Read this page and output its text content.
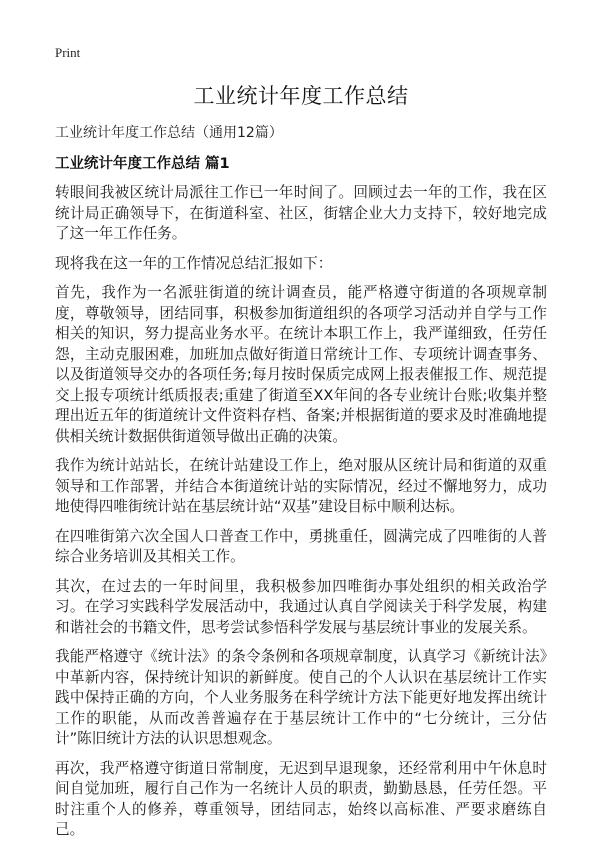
Print
工业统计年度工作总结

工业统计年度工作总结（通用12篇）

工业统计年度工作总结 篇1

转眼间我被区统计局派往工作已一年时间了。回顾过去一年的工作，我在区统计局正确领导下，在街道科室、社区，街辖企业大力支持下，较好地完成了这一年工作任务。

现将我在这一年的工作情况总结汇报如下：

首先，我作为一名派驻街道的统计调查员，能严格遵守街道的各项规章制度，尊敬领导，团结同事，积极参加街道组织的各项学习活动并自学与工作相关的知识，努力提高业务水平。在统计本职工作上，我严谨细致，任劳任怨，主动克服困难，加班加点做好街道日常统计工作、专项统计调查事务、以及街道领导交办的各项任务;每月按时保质完成网上报表催报工作、规范提交上报专项统计纸质报表;重建了街道至XX年间的各专业统计台账;收集并整理出近五年的街道统计文件资料存档、备案;并根据街道的要求及时准确地提供相关统计数据供街道领导做出正确的决策。

我作为统计站站长，在统计站建设工作上，绝对服从区统计局和街道的双重领导和工作部署，并结合本街道统计站的实际情况，经过不懈地努力，成功地使得四唯街统计站在基层统计站“双基”建设目标中顺利达标。

在四唯街第六次全国人口普查工作中，勇挑重任，圆满完成了四唯街的人普综合业务培训及其相关工作。

其次，在过去的一年时间里，我积极参加四唯街办事处组织的相关政治学习。在学习实践科学发展活动中，我通过认真自学阅读关于科学发展，构建和谐社会的书籍文件，思考尝试参悟科学发展与基层统计事业的发展关系。

我能严格遵守《统计法》的条令条例和各项规章制度，认真学习《新统计法》中革新内容，保持统计知识的新鲜度。使自己的个人认识在基层统计工作实践中保持正确的方向，个人业务服务在科学统计方法下能更好地发挥出统计工作的职能，从而改善普遍存在于基层统计工作中的“七分统计，三分估计”陈旧统计方法的认识思想观念。

再次，我严格遵守街道日常制度，无迟到早退现象，还经常利用中午休息时间自觉加班，履行自己作为一名统计人员的职责，勤勤恳恳，任劳任怨。平时注重个人的修养，尊重领导，团结同志，始终以高标准、严要求磨练自己。
